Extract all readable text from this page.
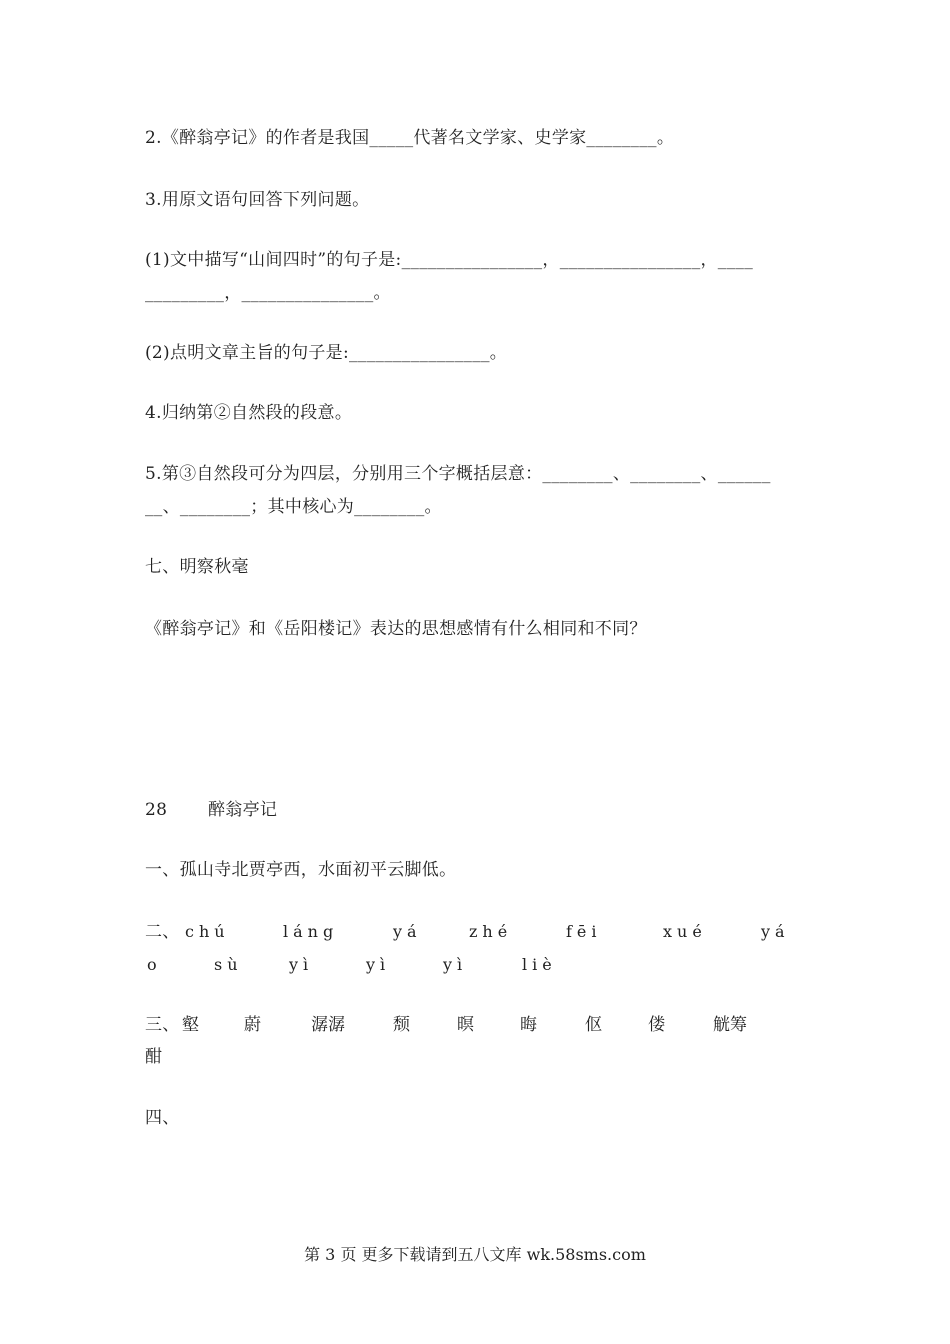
2.《醉翁亭记》的作者是我国_____代著名文学家、史学家________。
3.用原文语句回答下列问题。
(1)文中描写“山间四时”的句子是:________________，________________，____
_________，_______________。
(2)点明文章主旨的句子是:________________。
4.归纳第②自然段的段意。
5.第③自然段可分为四层，分别用三个字概括层意：________、________、______
__、________；其中核心为________。
七、明察秋毫
《醉翁亭记》和《岳阳楼记》表达的思想感情有什么相同和不同？
28 醉翁亭记
一、孤山寺北贾亭西，水面初平云脚低。
二、 chú	láng	yá	zhé	fēi	xué	yá
o	sù	yì	yì	yì	liè
三、 壑	蔚	潺潺	颓	暝	晦	伛	偻	觥筹
酣
四、
第 3 页 更多下载请到五八文库 wk.58sms.com
